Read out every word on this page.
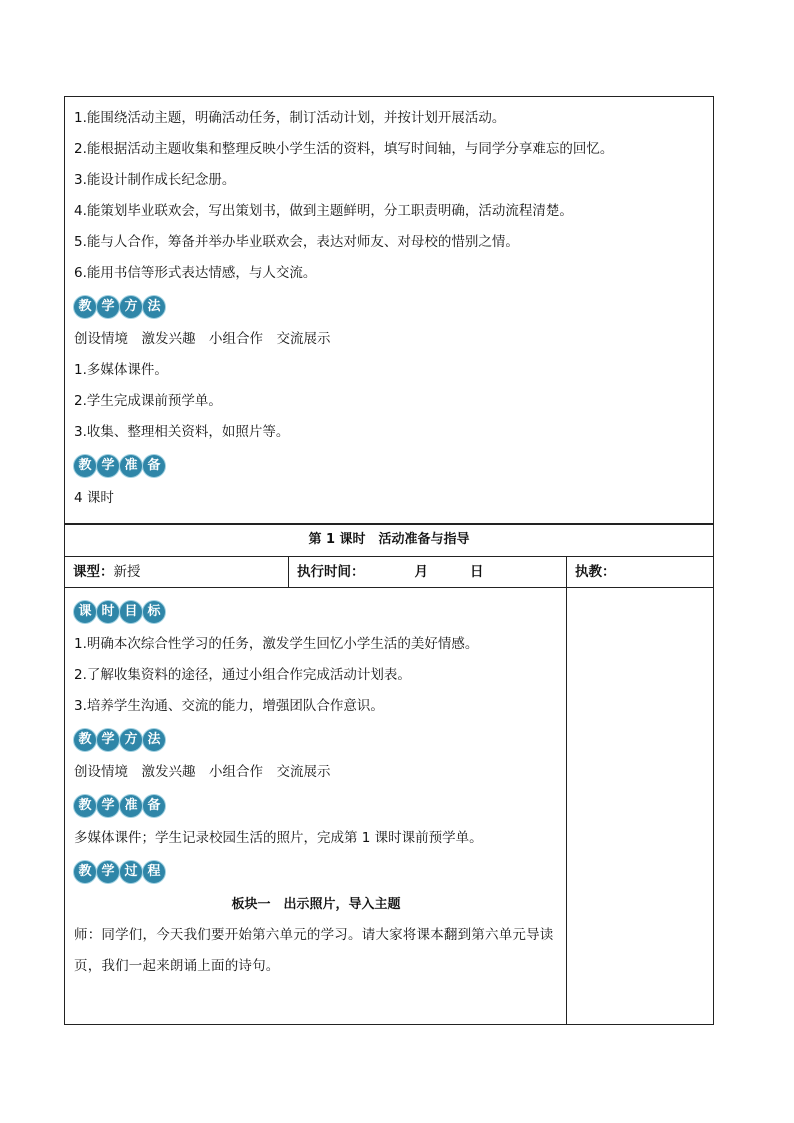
1.能围绕活动主题，明确活动任务，制订活动计划，并按计划开展活动。
2.能根据活动主题收集和整理反映小学生活的资料，填写时间轴，与同学分享难忘的回忆。
3.能设计制作成长纪念册。
4.能策划毕业联欢会，写出策划书，做到主题鲜明，分工职责明确，活动流程清楚。
5.能与人合作，筹备并举办毕业联欢会，表达对师友、对母校的惜别之情。
6.能用书信等形式表达情感，与人交流。
教 学 方 法
创设情境　激发兴趣　小组合作　交流展示
1.多媒体课件。
2.学生完成课前预学单。
3.收集、整理相关资料，如照片等。
教 学 准 备
4 课时
第 1 课时　活动准备与指导
课型：新授	执行时间：	月	日	执教：
课 时 目 标
1.明确本次综合性学习的任务，激发学生回忆小学生活的美好情感。
2.了解收集资料的途径，通过小组合作完成活动计划表。
3.培养学生沟通、交流的能力，增强团队合作意识。
教 学 方 法
创设情境　激发兴趣　小组合作　交流展示
教 学 准 备
多媒体课件；学生记录校园生活的照片，完成第 1 课时课前预学单。
教 学 过 程
板块一　出示照片，导入主题
师：同学们，今天我们要开始第六单元的学习。请大家将课本翻到第六单元导读页，我们一起来朗诵上面的诗句。
